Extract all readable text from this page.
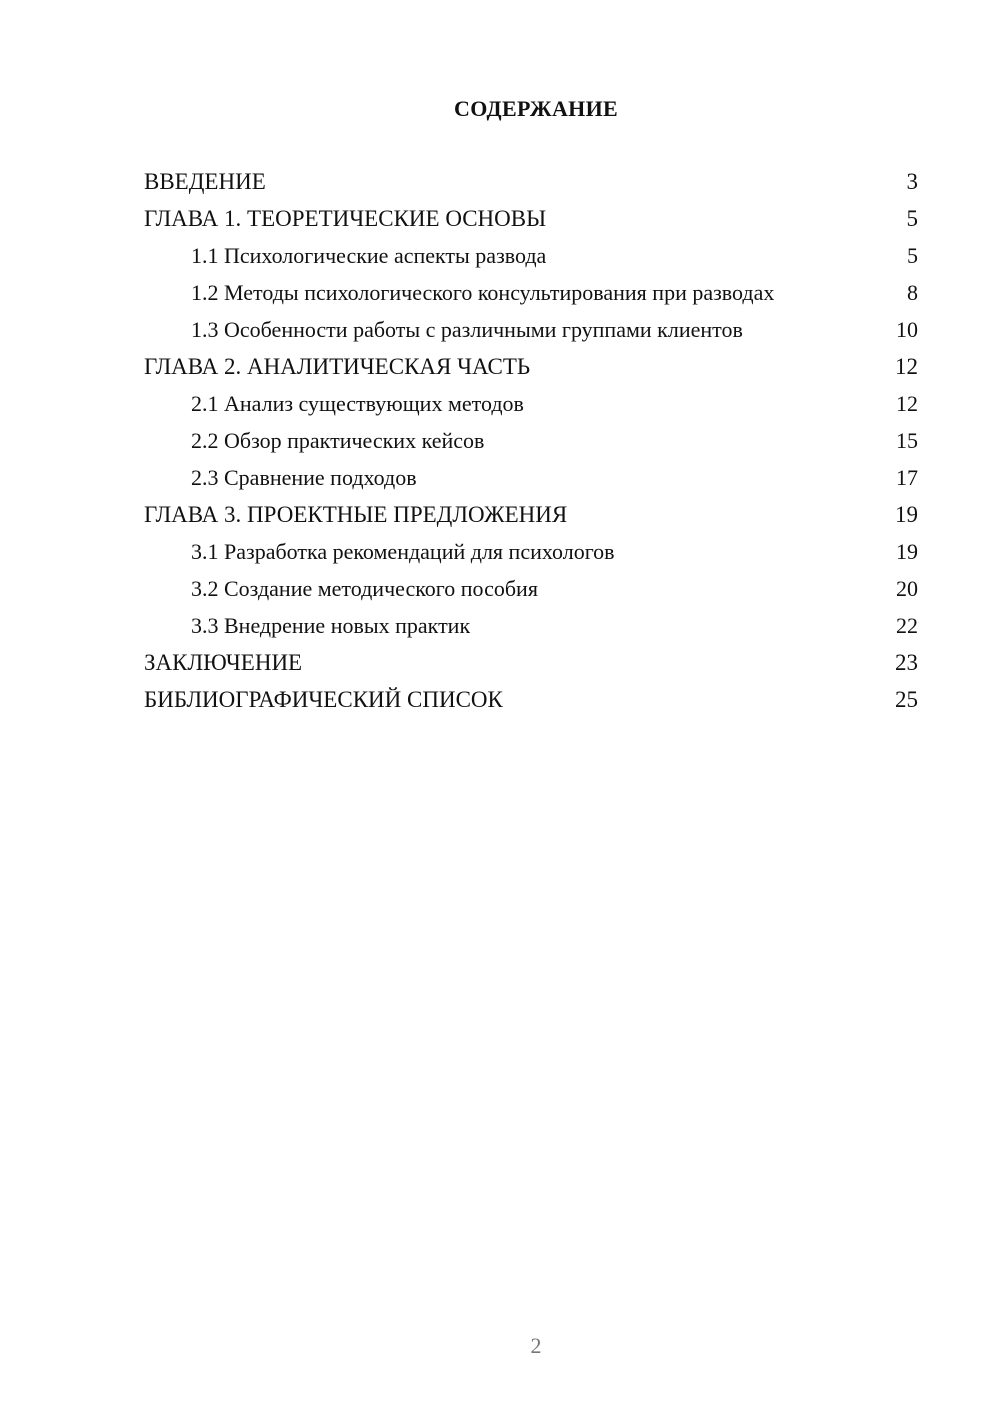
СОДЕРЖАНИЕ
ВВЕДЕНИЕ	3
ГЛАВА 1. ТЕОРЕТИЧЕСКИЕ ОСНОВЫ	5
1.1 Психологические аспекты развода	5
1.2 Методы психологического консультирования при разводах	8
1.3 Особенности работы с различными группами клиентов	10
ГЛАВА 2. АНАЛИТИЧЕСКАЯ ЧАСТЬ	12
2.1 Анализ существующих методов	12
2.2 Обзор практических кейсов	15
2.3 Сравнение подходов	17
ГЛАВА 3. ПРОЕКТНЫЕ ПРЕДЛОЖЕНИЯ	19
3.1 Разработка рекомендаций для психологов	19
3.2 Создание методического пособия	20
3.3 Внедрение новых практик	22
ЗАКЛЮЧЕНИЕ	23
БИБЛИОГРАФИЧЕСКИЙ СПИСОК	25
2
